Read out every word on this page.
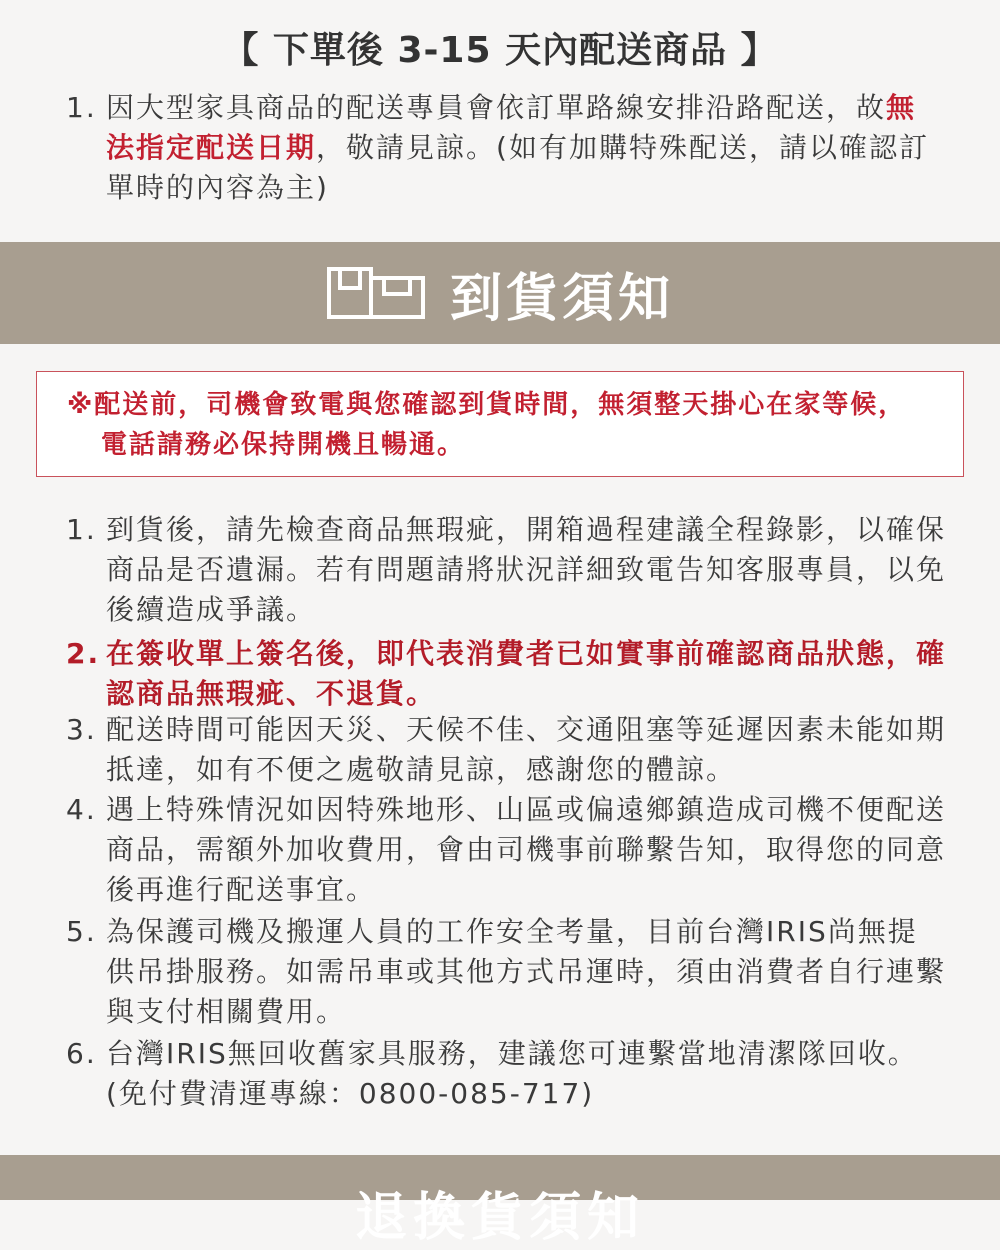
【 下單後 3-15 天內配送商品 】
1. 因大型家具商品的配送專員會依訂單路線安排沿路配送，故無法指定配送日期，敬請見諒。(如有加購特殊配送，請以確認訂單時的內容為主)
到貨須知
※配送前，司機會致電與您確認到貨時間，無須整天掛心在家等候，
電話請務必保持開機且暢通。
1. 到貨後，請先檢查商品無瑕疵，開箱過程建議全程錄影，以確保商品是否遺漏。若有問題請將狀況詳細致電告知客服專員，以免後續造成爭議。
2. 在簽收單上簽名後，即代表消費者已如實事前確認商品狀態，確認商品無瑕疵、不退貨。
3. 配送時間可能因天災、天候不佳、交通阻塞等延遲因素未能如期抵達，如有不便之處敬請見諒，感謝您的體諒。
4. 遇上特殊情況如因特殊地形、山區或偏遠鄉鎮造成司機不便配送商品，需額外加收費用，會由司機事前聯繫告知，取得您的同意後再進行配送事宜。
5. 為保護司機及搬運人員的工作安全考量，目前台灣IRIS尚無提供吊掛服務。如需吊車或其他方式吊運時，須由消費者自行連繫與支付相關費用。
6. 台灣IRIS無回收舊家具服務，建議您可連繫當地清潔隊回收。(免付費清運專線：0800-085-717)
退換貨須知
